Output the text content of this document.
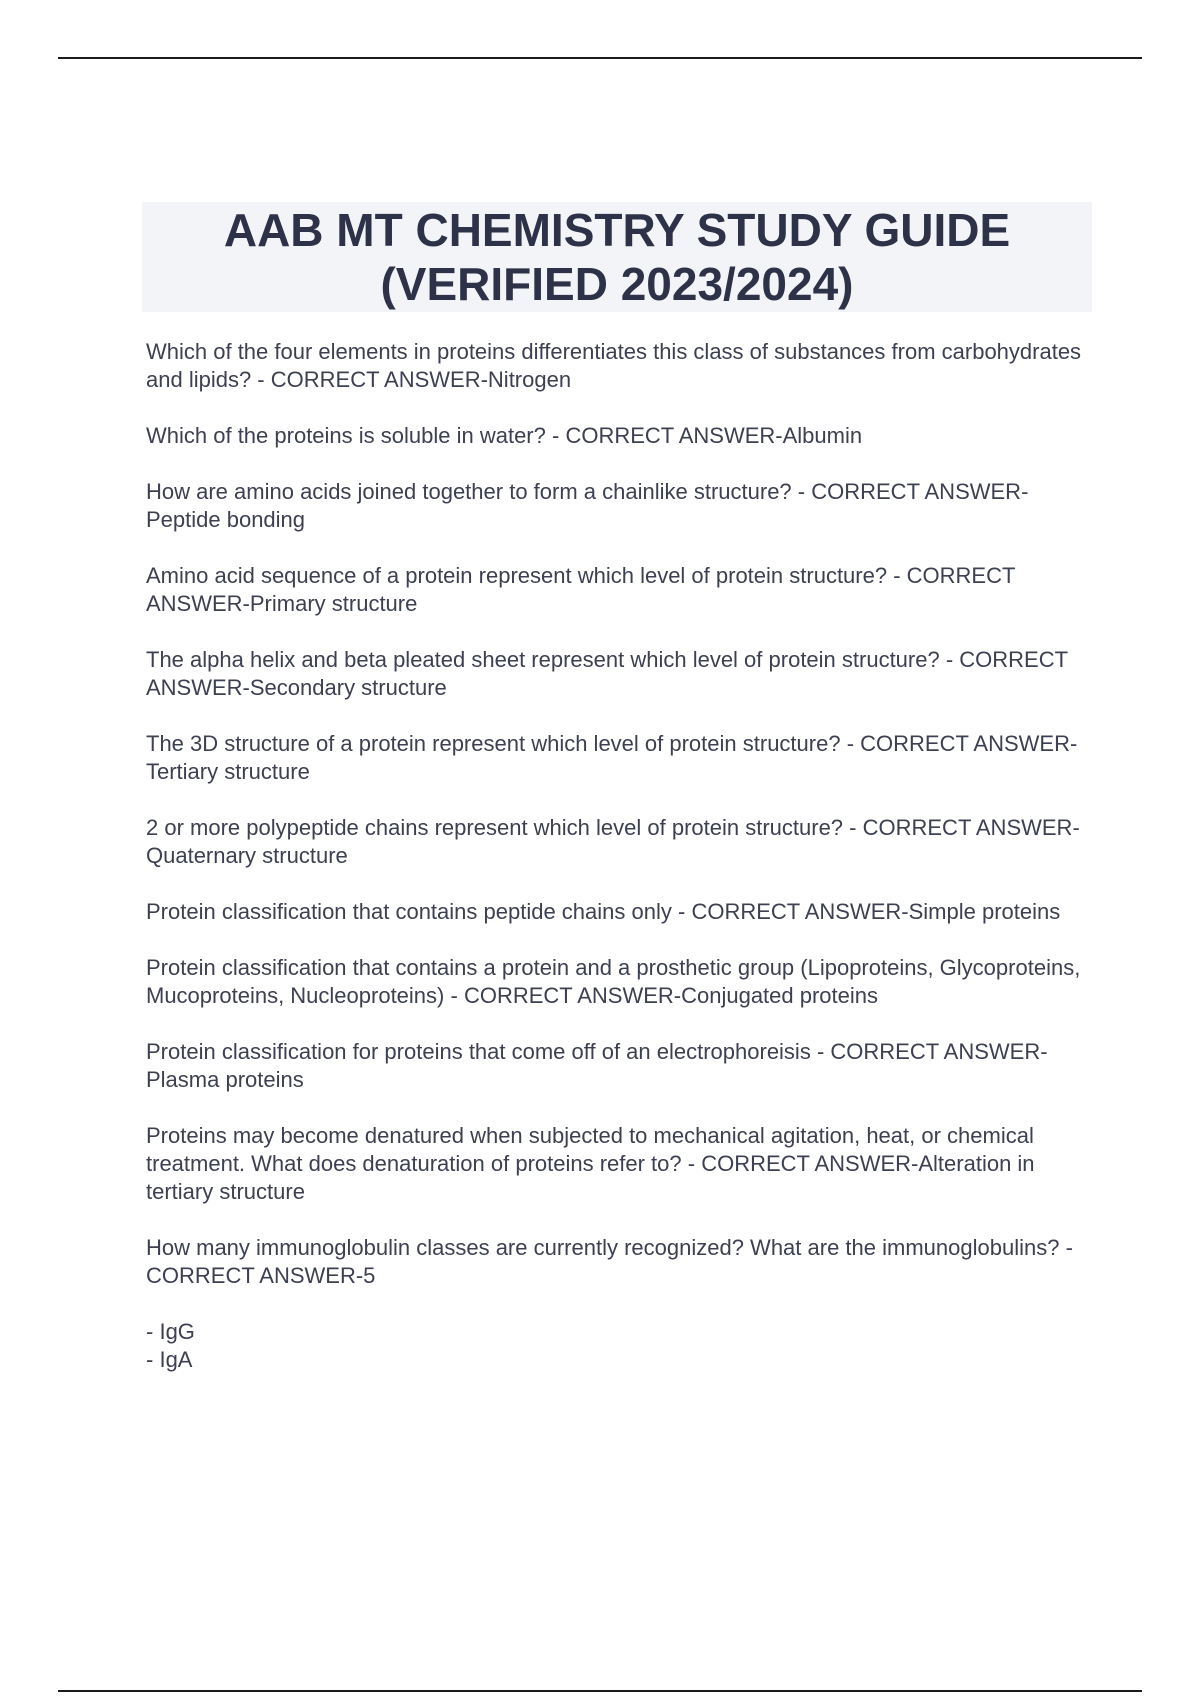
AAB MT CHEMISTRY STUDY GUIDE
(VERIFIED 2023/2024)

Which of the four elements in proteins differentiates this class of substances from carbohydrates and lipids? - CORRECT ANSWER-Nitrogen

Which of the proteins is soluble in water? - CORRECT ANSWER-Albumin

How are amino acids joined together to form a chainlike structure? - CORRECT ANSWER-Peptide bonding

Amino acid sequence of a protein represent which level of protein structure? - CORRECT ANSWER-Primary structure

The alpha helix and beta pleated sheet represent which level of protein structure? - CORRECT ANSWER-Secondary structure

The 3D structure of a protein represent which level of protein structure? - CORRECT ANSWER-Tertiary structure

2 or more polypeptide chains represent which level of protein structure? - CORRECT ANSWER-Quaternary structure

Protein classification that contains peptide chains only - CORRECT ANSWER-Simple proteins

Protein classification that contains a protein and a prosthetic group (Lipoproteins, Glycoproteins, Mucoproteins, Nucleoproteins) - CORRECT ANSWER-Conjugated proteins

Protein classification for proteins that come off of an electrophoreisis - CORRECT ANSWER-Plasma proteins

Proteins may become denatured when subjected to mechanical agitation, heat, or chemical treatment. What does denaturation of proteins refer to? - CORRECT ANSWER-Alteration in tertiary structure

How many immunoglobulin classes are currently recognized? What are the immunoglobulins?- CORRECT ANSWER-5

- IgG
- IgA
